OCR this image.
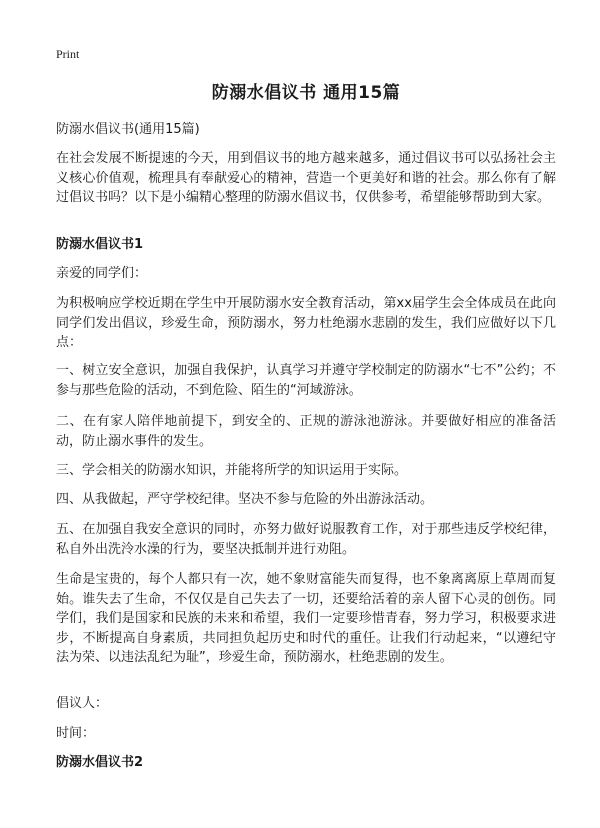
Print
防溺水倡议书 通用15篇
防溺水倡议书(通用15篇)
在社会发展不断提速的今天，用到倡议书的地方越来越多，通过倡议书可以弘扬社会主义核心价值观，梳理具有奉献爱心的精神，营造一个更美好和谐的社会。那么你有了解过倡议书吗？以下是小编精心整理的防溺水倡议书，仅供参考，希望能够帮助到大家。
防溺水倡议书1
亲爱的同学们：
为积极响应学校近期在学生中开展防溺水安全教育活动，第xx届学生会全体成员在此向同学们发出倡议，珍爱生命，预防溺水，努力杜绝溺水悲剧的发生，我们应做好以下几点：
一、树立安全意识，加强自我保护，认真学习并遵守学校制定的防溺水“七不”公约；不参与那些危险的活动，不到危险、陌生的“河域游泳。
二、在有家人陪伴地前提下，到安全的、正规的游泳池游泳。并要做好相应的准备活动，防止溺水事件的发生。
三、学会相关的防溺水知识，并能将所学的知识运用于实际。
四、从我做起，严守学校纪律。坚决不参与危险的外出游泳活动。
五、在加强自我安全意识的同时，亦努力做好说服教育工作，对于那些违反学校纪律，私自外出洗泠水澡的行为，要坚决抵制并进行劝阻。
生命是宝贵的，每个人都只有一次，她不象财富能失而复得，也不象离离原上草周而复始。谁失去了生命，不仅仅是自己失去了一切，还要给活着的亲人留下心灵的创伤。同学们，我们是国家和民族的未来和希望，我们一定要珍惜青春，努力学习，积极要求进步，不断提高自身素质，共同担负起历史和时代的重任。让我们行动起来，“以遵纪守法为荣、以违法乱纪为耻”，珍爱生命，预防溺水，杜绝悲剧的发生。
倡议人：
时间：
防溺水倡议书2
